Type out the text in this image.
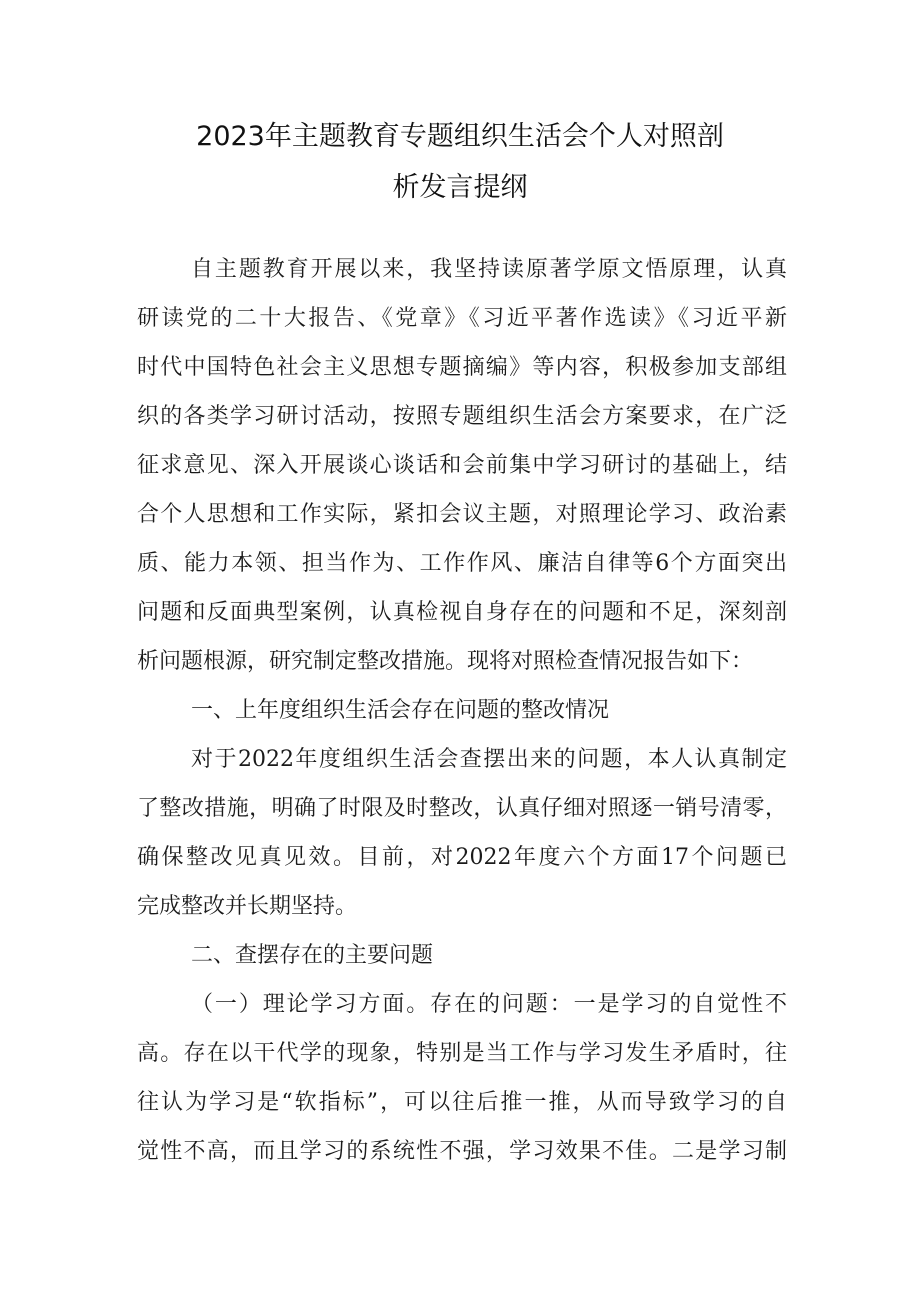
2023年主题教育专题组织生活会个人对照剖
析发言提纲
自主题教育开展以来，我坚持读原著学原文悟原理，认真
研读党的二十大报告、《党章》《习近平著作选读》《习近平新
时代中国特色社会主义思想专题摘编》等内容，积极参加支部组
织的各类学习研讨活动，按照专题组织生活会方案要求，在广泛
征求意见、深入开展谈心谈话和会前集中学习研讨的基础上，结
合个人思想和工作实际，紧扣会议主题，对照理论学习、政治素
质、能力本领、担当作为、工作作风、廉洁自律等6个方面突出
问题和反面典型案例，认真检视自身存在的问题和不足，深刻剖
析问题根源，研究制定整改措施。现将对照检查情况报告如下：
一、上年度组织生活会存在问题的整改情况
对于2022年度组织生活会查摆出来的问题，本人认真制定
了整改措施，明确了时限及时整改，认真仔细对照逐一销号清零，
确保整改见真见效。目前，对2022年度六个方面17个问题已
完成整改并长期坚持。
二、查摆存在的主要问题
（一）理论学习方面。存在的问题：一是学习的自觉性不
高。存在以干代学的现象，特别是当工作与学习发生矛盾时，往
往认为学习是“软指标”，可以往后推一推，从而导致学习的自
觉性不高，而且学习的系统性不强，学习效果不佳。二是学习制
